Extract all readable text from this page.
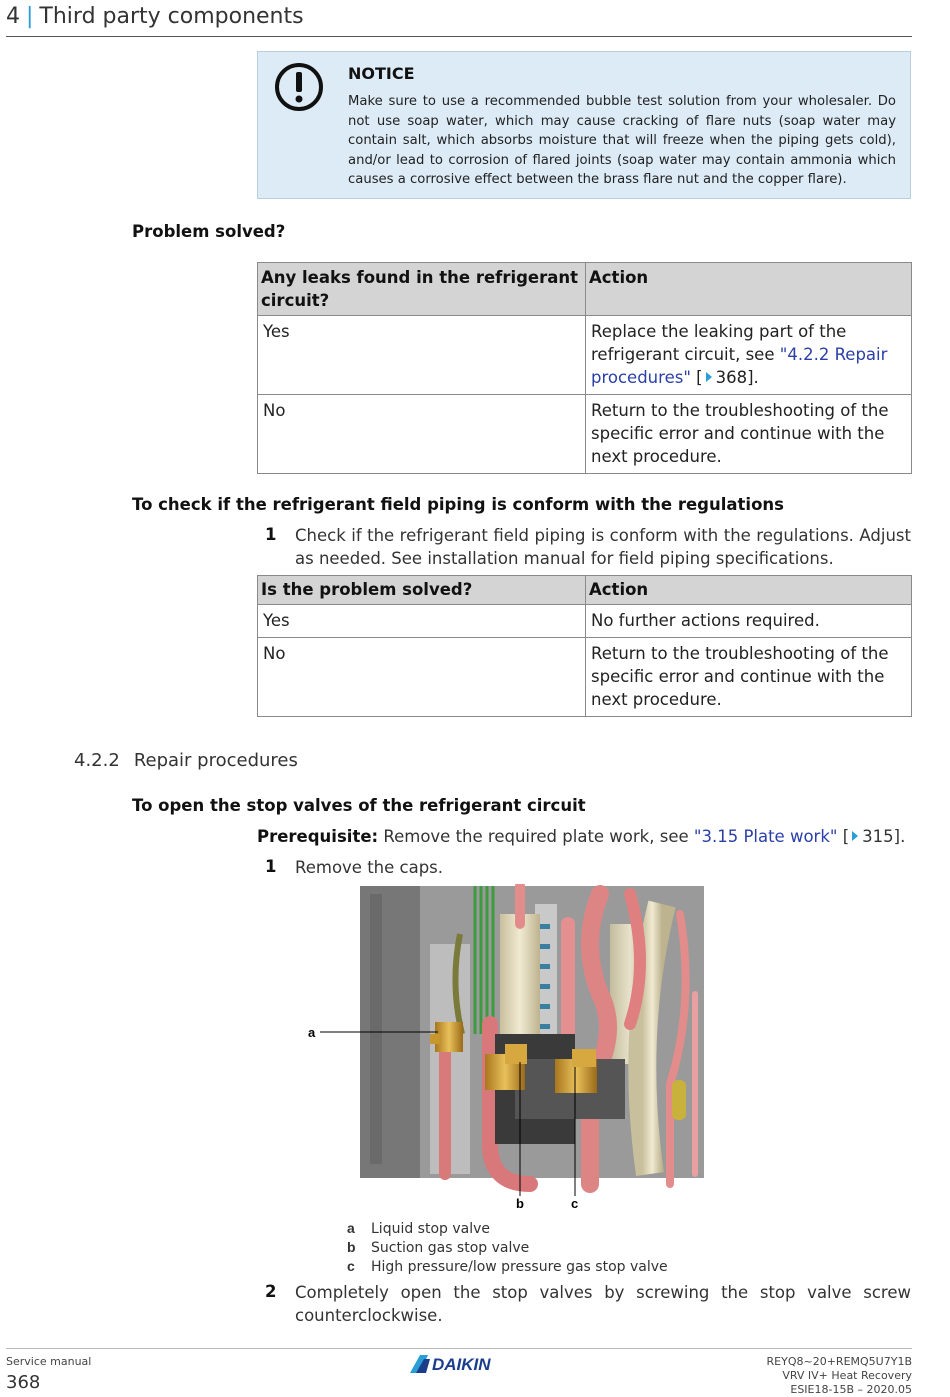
4 | Third party components
NOTICE
Make sure to use a recommended bubble test solution from your wholesaler. Do not use soap water, which may cause cracking of flare nuts (soap water may contain salt, which absorbs moisture that will freeze when the piping gets cold), and/or lead to corrosion of flared joints (soap water may contain ammonia which causes a corrosive effect between the brass flare nut and the copper flare).
Problem solved?
Any leaks found in the refrigerant circuit?	Action
Yes	Replace the leaking part of the refrigerant circuit, see "4.2.2 Repair procedures" [ 368].
No	Return to the troubleshooting of the specific error and continue with the next procedure.
To check if the refrigerant field piping is conform with the regulations
1 Check if the refrigerant field piping is conform with the regulations. Adjust as needed. See installation manual for field piping specifications.
Is the problem solved?	Action
Yes	No further actions required.
No	Return to the troubleshooting of the specific error and continue with the next procedure.
4.2.2 Repair procedures
To open the stop valves of the refrigerant circuit
Prerequisite: Remove the required plate work, see "3.15 Plate work" [ 315].
1 Remove the caps.
a
b	c
a Liquid stop valve
b Suction gas stop valve
c High pressure/low pressure gas stop valve
2 Completely open the stop valves by screwing the stop valve screw counterclockwise.
Service manual
368
DAIKIN	REYQ8~20+REMQ5U7Y1B
VRV IV+ Heat Recovery
ESIE18-15B – 2020.05
